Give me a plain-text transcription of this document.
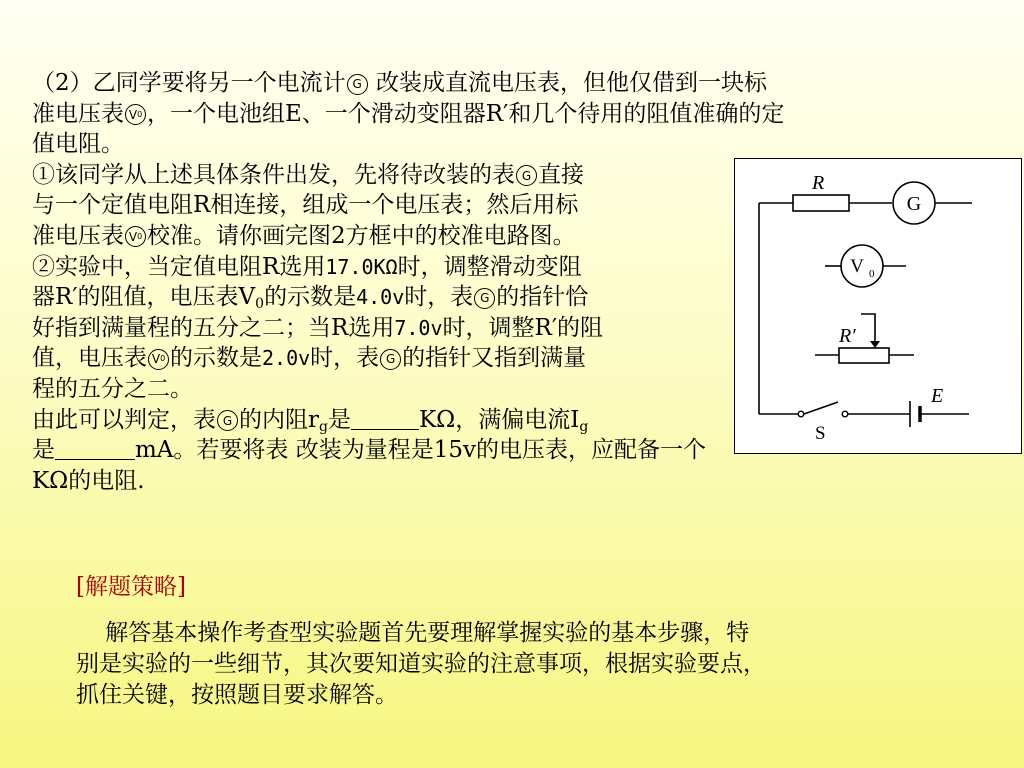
（2）乙同学要将另一个电流计 G 改装成直流电压表，但他仅借到一块标
准电压表 V 0 ，一个电池组E、一个滑动变阻器R′和几个待用的阻值准确的定
值电阻。
①该同学从上述具体条件出发，先将待改装的表 G 直接
与一个定值电阻R相连接，组成一个电压表；然后用标
准电压表 V 0 校准。请你画完图2方框中的校准电路图。
②实验中，当定值电阻R选用17.0KΩ时，调整滑动变阻
器R′的阻值，电压表$V_0$的示数是4.0v时，表 G 的指针恰
好指到满量程的五分之二；当R选用7.0v时，调整R′的阻
值，电压表 V 0 的示数是2.0v时，表 G 的指针又指到满量
程的五分之二。
由此可以判定，表 G 的内阻$r_g$是	KΩ，满偏电流$I_g$
是	mA。若要将表 改装为量程是15v的电压表，应配备一个
KΩ的电阻.
R
G
V 0
R′
E
S
[解题策略]
解答基本操作考查型实验题首先要理解掌握实验的基本步骤，特
别是实验的一些细节，其次要知道实验的注意事项，根据实验要点，
抓住关键，按照题目要求解答。
